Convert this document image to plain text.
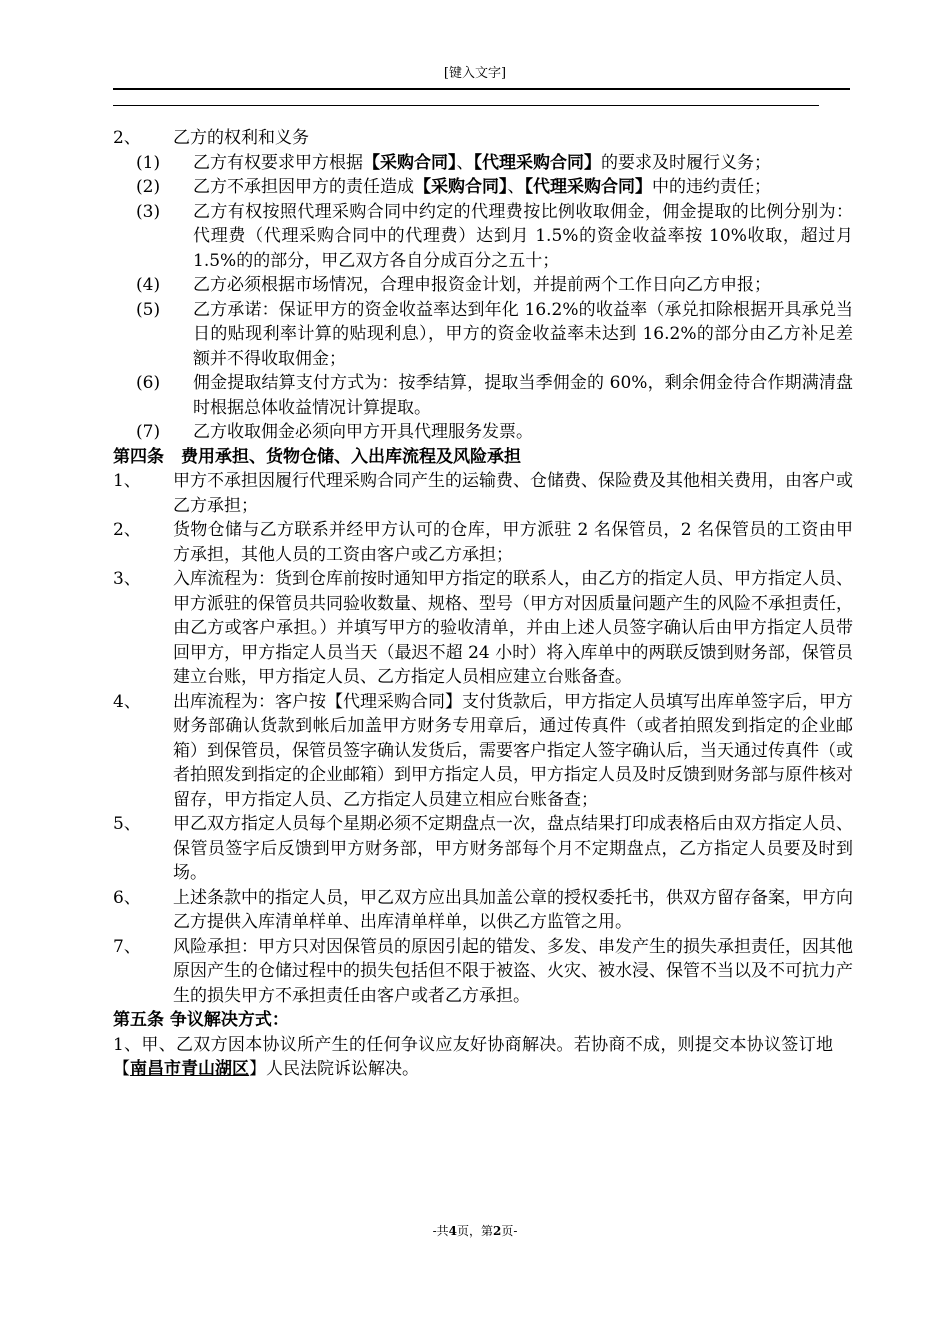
[键入文字]
2、	乙方的权利和义务
(1)	乙方有权要求甲方根据【采购合同】、【代理采购合同】的要求及时履行义务；
(2)	乙方不承担因甲方的责任造成【采购合同】、【代理采购合同】中的违约责任；
(3)	乙方有权按照代理采购合同中约定的代理费按比例收取佣金，佣金提取的比例分别为：代理费（代理采购合同中的代理费）达到月 1.5%的资金收益率按 10%收取，超过月 1.5%的的部分，甲乙双方各自分成百分之五十；
(4)	乙方必须根据市场情况，合理申报资金计划，并提前两个工作日向乙方申报；
(5)	乙方承诺：保证甲方的资金收益率达到年化 16.2%的收益率（承兑扣除根据开具承兑当日的贴现利率计算的贴现利息），甲方的资金收益率未达到 16.2%的部分由乙方补足差额并不得收取佣金；
(6)	佣金提取结算支付方式为：按季结算，提取当季佣金的 60%，剩余佣金待合作期满清盘时根据总体收益情况计算提取。
(7)	乙方收取佣金必须向甲方开具代理服务发票。
第四条　费用承担、货物仓储、入出库流程及风险承担
1、	甲方不承担因履行代理采购合同产生的运输费、仓储费、保险费及其他相关费用，由客户或乙方承担；
2、	货物仓储与乙方联系并经甲方认可的仓库，甲方派驻 2 名保管员，2 名保管员的工资由甲方承担，其他人员的工资由客户或乙方承担；
3、	入库流程为：货到仓库前按时通知甲方指定的联系人，由乙方的指定人员、甲方指定人员、甲方派驻的保管员共同验收数量、规格、型号（甲方对因质量问题产生的风险不承担责任，由乙方或客户承担。）并填写甲方的验收清单，并由上述人员签字确认后由甲方指定人员带回甲方，甲方指定人员当天（最迟不超 24 小时）将入库单中的两联反馈到财务部，保管员建立台账，甲方指定人员、乙方指定人员相应建立台账备查。
4、	出库流程为：客户按【代理采购合同】支付货款后，甲方指定人员填写出库单签字后，甲方财务部确认货款到帐后加盖甲方财务专用章后，通过传真件（或者拍照发到指定的企业邮箱）到保管员，保管员签字确认发货后，需要客户指定人签字确认后，当天通过传真件（或者拍照发到指定的企业邮箱）到甲方指定人员，甲方指定人员及时反馈到财务部与原件核对留存，甲方指定人员、乙方指定人员建立相应台账备查；
5、	甲乙双方指定人员每个星期必须不定期盘点一次，盘点结果打印成表格后由双方指定人员、保管员签字后反馈到甲方财务部，甲方财务部每个月不定期盘点，乙方指定人员要及时到场。
6、	上述条款中的指定人员，甲乙双方应出具加盖公章的授权委托书，供双方留存备案，甲方向乙方提供入库清单样单、出库清单样单，以供乙方监管之用。
7、	风险承担：甲方只对因保管员的原因引起的错发、多发、串发产生的损失承担责任，因其他原因产生的仓储过程中的损失包括但不限于被盗、火灾、被水浸、保管不当以及不可抗力产生的损失甲方不承担责任由客户或者乙方承担。
第五条 争议解决方式：
1、甲、乙双方因本协议所产生的任何争议应友好协商解决。若协商不成，则提交本协议签订地【南昌市青山湖区】人民法院诉讼解决。
-共4页，第2页-
